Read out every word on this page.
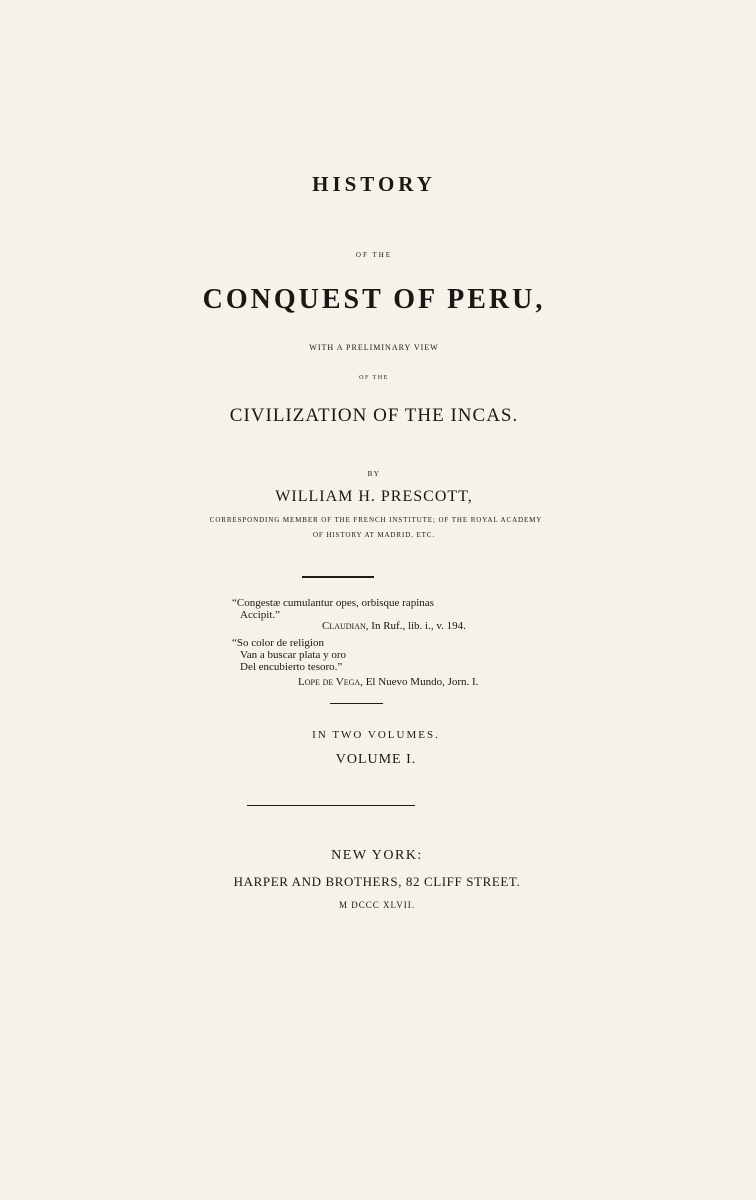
HISTORY
OF THE
CONQUEST OF PERU,
WITH A PRELIMINARY VIEW
OF THE
CIVILIZATION OF THE INCAS.
BY
WILLIAM H. PRESCOTT,
CORRESPONDING MEMBER OF THE FRENCH INSTITUTE; OF THE ROYAL ACADEMY
OF HISTORY AT MADRID, ETC.
“Congestæ cumulantur opes, orbisque rapinas
Accipit.”
Claudian, In Ruf., lib. i., v. 194.
“So color de religion
Van a buscar plata y oro
Del encubierto tesoro.”
Lope de Vega, El Nuevo Mundo, Jorn. I.
IN TWO VOLUMES.
VOLUME I.
NEW YORK:
HARPER AND BROTHERS, 82 CLIFF STREET.
M DCCC XLVII.
